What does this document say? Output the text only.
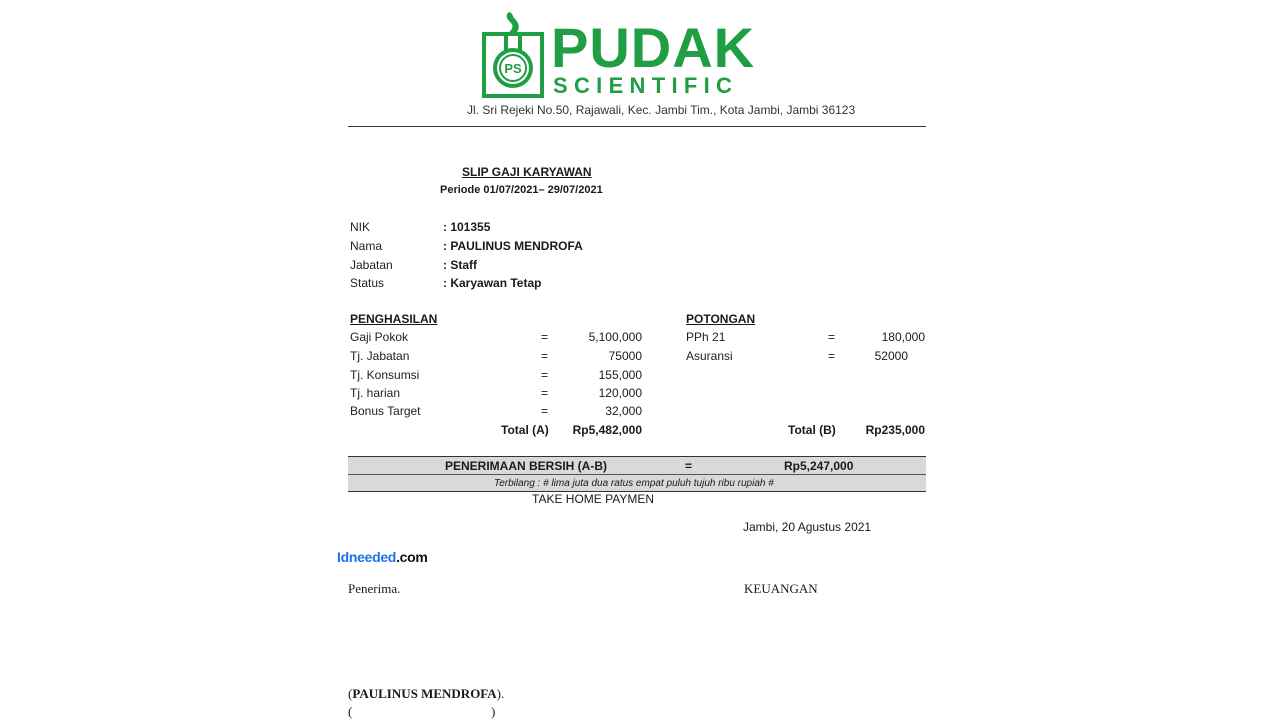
PS PUDAK
SCIENTIFIC
Jl. Sri Rejeki No.50, Rajawali, Kec. Jambi Tim., Kota Jambi, Jambi 36123
SLIP GAJI KARYAWAN
Periode 01/07/2021– 29/07/2021
NIK	: 101355
Nama	: PAULINUS MENDROFA
Jabatan	: Staff
Status	: Karyawan Tetap
PENGHASILAN
Gaji Pokok	=	5,100,000
Tj. Jabatan	=	75000
Tj. Konsumsi	=	155,000
Tj. harian	=	120,000
Bonus Target	=	32,000
Total (A)	Rp5,482,000
POTONGAN
PPh 21	=	180,000
Asuransi	=	52000
Total (B)	Rp235,000
PENERIMAAN BERSIH (A-B)	=	Rp5,247,000
Terbilang : # lima juta dua ratus empat puluh tujuh ribu rupiah #
TAKE HOME PAYMEN
Jambi, 20 Agustus 2021
Idneeded.com
Penerima.	KEUANGAN
(PAULINUS MENDROFA).
(	)
